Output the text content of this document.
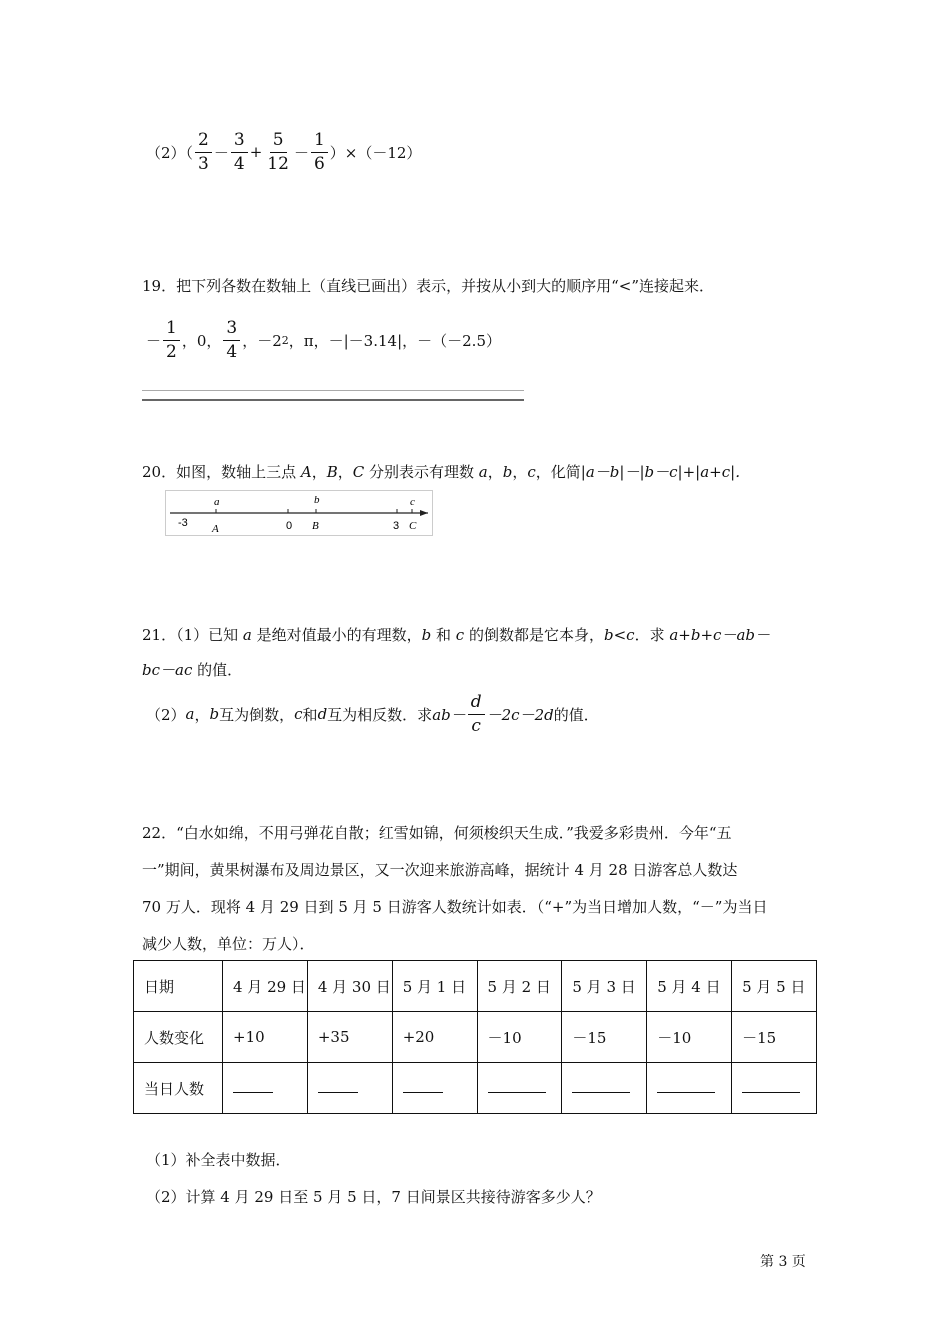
$(2)( \frac{2}{3} - \frac{3}{4} + \frac{5}{12} - \frac{1}{6} )\times(-12)$
19．把下列各数在数轴上（直线已画出）表示，并按从小到大的顺序用“<”连接起来．
－ $\frac{1}{2}$ ，0， $\frac{3}{4}$ ，－2 2 ，π，－|－3.14|，－（－2.5）
20．如图，数轴上三点 A，B，C 分别表示有理数 a，b，c，化简|a－b|－|b－c|+|a+c|．
a	b	c
-3	0	3
A	B	C
21．（1）已知 a 是绝对值最小的有理数，b 和 c 的倒数都是它本身，b<c．求 a+b+c－ab－
bc－ac 的值．
（2） a ， b 互为倒数， c 和 d 互为相反数．求 $ab- \frac{d}{c} -2c-2d$ 的值．
22．“白水如绵，不用弓弹花自散；红雪如锦，何须梭织天生成．”我爱多彩贵州．今年“五
一”期间，黄果树瀑布及周边景区，又一次迎来旅游高峰，据统计 4 月 28 日游客总人数达
70 万人．现将 4 月 29 日到 5 月 5 日游客人数统计如表．（“+”为当日增加人数，“－”为当日
减少人数，单位：万人）．
日期	4 月 29 日	4 月 30 日	5 月 1 日	5 月 2 日	5 月 3 日	5 月 4 日	5 月 5 日
人数变化	+10	+35	+20	－10	－15	－10	－15
当日人数							
（1）补全表中数据．
（2）计算 4 月 29 日至 5 月 5 日，7 日间景区共接待游客多少人？
第 3 页
